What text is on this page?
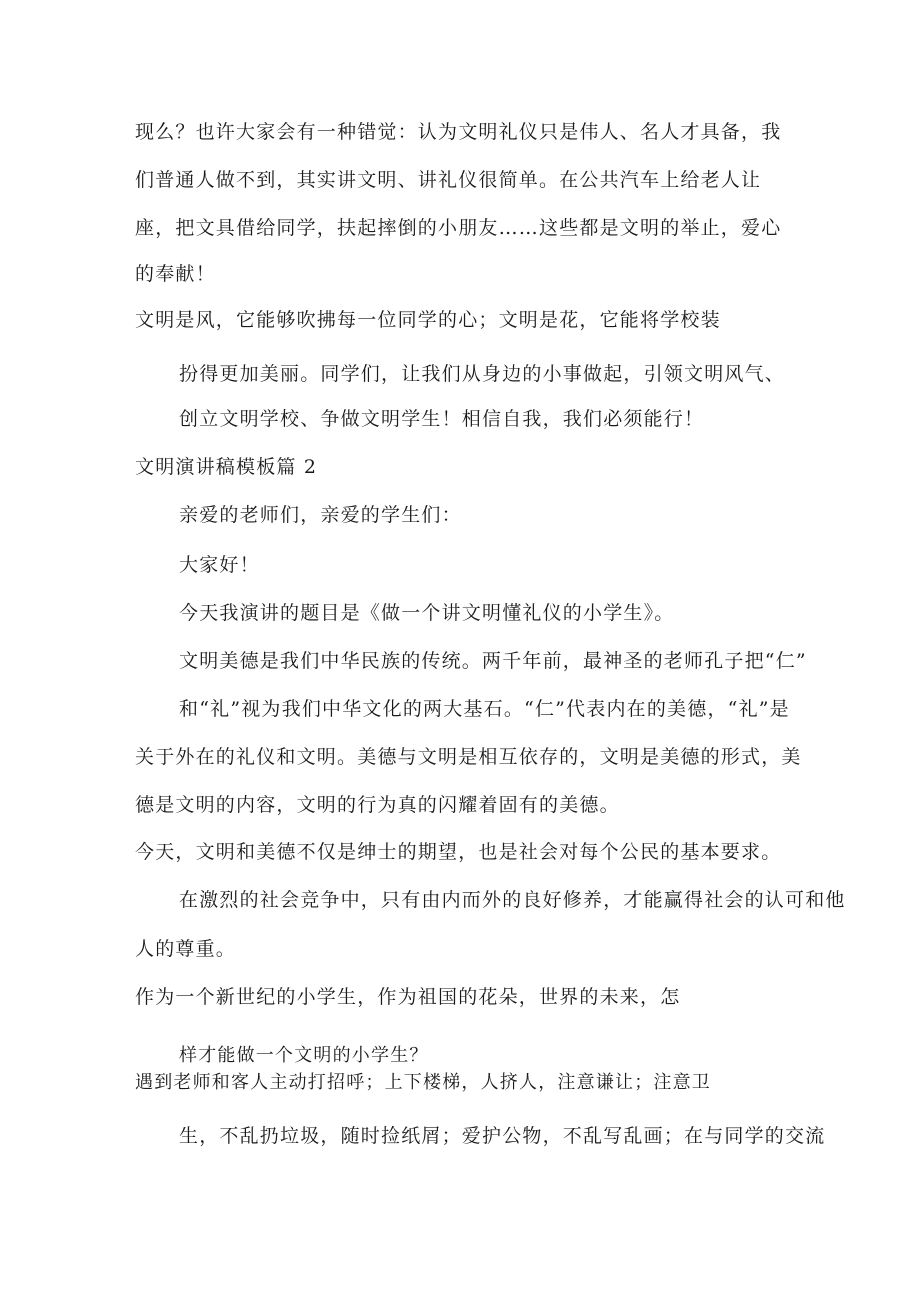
现么？也许大家会有一种错觉：认为文明礼仪只是伟人、名人才具备，我
们普通人做不到，其实讲文明、讲礼仪很简单。在公共汽车上给老人让
座，把文具借给同学，扶起摔倒的小朋友……这些都是文明的举止，爱心
的奉献！
文明是风，它能够吹拂每一位同学的心；文明是花，它能将学校装
扮得更加美丽。同学们，让我们从身边的小事做起，引领文明风气、
创立文明学校、争做文明学生！相信自我，我们必须能行！
文明演讲稿模板篇 2
亲爱的老师们，亲爱的学生们：
大家好！
今天我演讲的题目是《做一个讲文明懂礼仪的小学生》。
文明美德是我们中华民族的传统。两千年前，最神圣的老师孔子把“仁”
和“礼”视为我们中华文化的两大基石。“仁”代表内在的美德，“礼”是
关于外在的礼仪和文明。美德与文明是相互依存的，文明是美德的形式，美
德是文明的内容，文明的行为真的闪耀着固有的美德。
今天，文明和美德不仅是绅士的期望，也是社会对每个公民的基本要求。
在激烈的社会竞争中，只有由内而外的良好修养，才能赢得社会的认可和他
人的尊重。
作为一个新世纪的小学生，作为祖国的花朵，世界的未来，怎
样才能做一个文明的小学生？
遇到老师和客人主动打招呼；上下楼梯，人挤人，注意谦让；注意卫
生，不乱扔垃圾，随时捡纸屑；爱护公物，不乱写乱画；在与同学的交流
